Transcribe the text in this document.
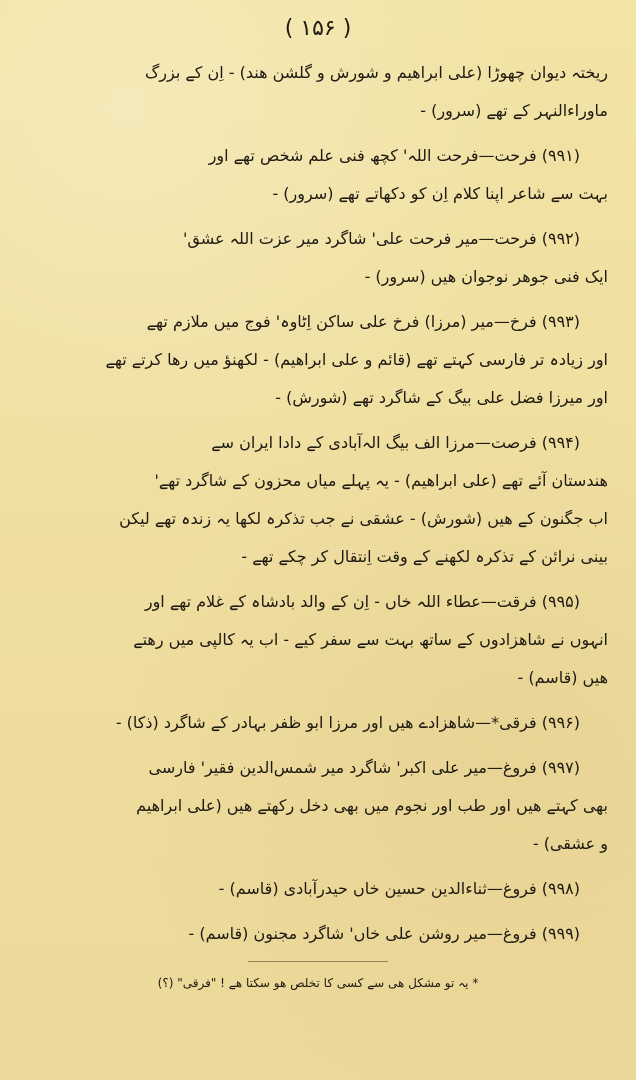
( ۱۵۶ )
ریختہ دیوان چھوڑا (علی ابراهیم و شورش و گلشن هند) - اِن کے بزرگ
ماوراءالنہر کے تھے (سرور) -
(۹۹۱) فرحت—فرحت اللہ' کچھ فنی علم شخص تھے اور
بہت سے شاعر اپنا کلام اِن کو دکھاتے تھے (سرور) -
(۹۹۲) فرحت—میر فرحت علی' شاگرد میر عزت اللہ عشق'
ایک فنی جوهر نوجوان هیں (سرور) -
(۹۹۳) فرخ—میر (مرزا) فرخ علی ساکن اِٹاوہ' فوج میں ملازم تھے
اور زیادہ تر فارسی کہتے تھے (قائم و علی ابراهیم) - لکھنؤ میں رھا کرتے تھے
اور میرزا فضل علی بیگ کے شاگرد تھے (شورش) -
(۹۹۴) فرصت—مرزا الف بیگ الہ‌آبادی کے دادا ایران سے
هندستان آئے تھے (علی ابراهیم) - یہ پہلے میاں محزون کے شاگرد تھے'
اب جگنون کے هیں (شورش) - عشقی نے جب تذکرہ لکھا یہ زندہ تھے لیکن
بینی نرائن کے تذکرہ لکھنے کے وقت اِنتقال کر چکے تھے -
(۹۹۵) فرقت—عطاء اللہ خاں - اِن کے والد بادشاہ کے غلام تھے اور
انہوں نے شاهزادوں کے ساتھ بہت سے سفر کیے - اب یہ کالپی میں رهتے
هیں (قاسم) -
(۹۹۶) فرقی*—شاهزادے هیں اور مرزا ابو ظفر بہادر کے شاگرد (ذکا) -
(۹۹۷) فروغ—میر علی اکبر' شاگرد میر شمس‌الدین فقیر' فارسی
بھی کہتے هیں اور طب اور نجوم میں بھی دخل رکھتے هیں (علی ابراهیم
و عشقی) -
(۹۹۸) فروغ—ثناءالدین حسین خاں حیدرآبادی (قاسم) -
(۹۹۹) فروغ—میر روشن علی خاں' شاگرد مجنون (قاسم) -
* یہ تو مشکل هی سے کسی کا تخلص هو سکتا هے ! "فرقی" (؟)
